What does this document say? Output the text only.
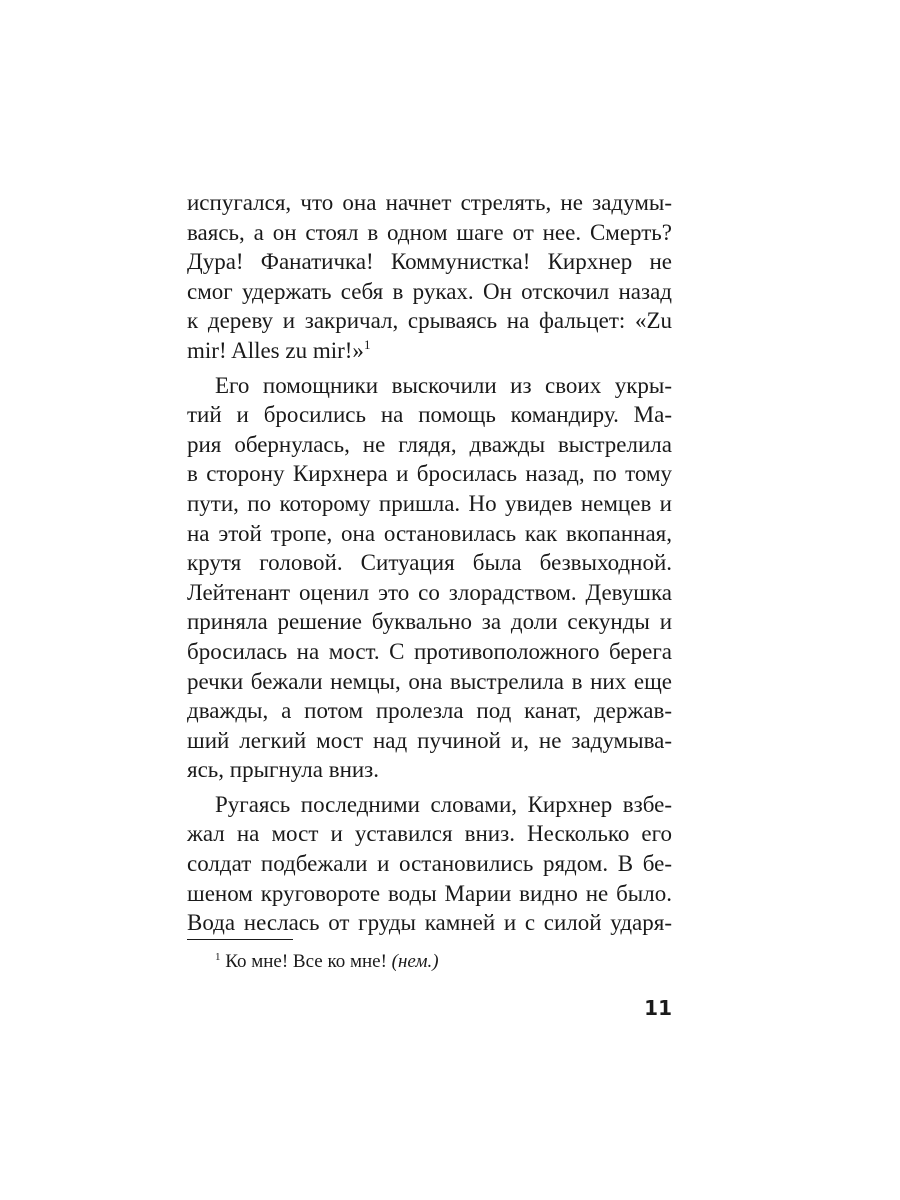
испугался, что она начнет стрелять, не задумы-
ваясь, а он стоял в одном шаге от нее. Смерть?
Дура! Фанатичка! Коммунистка! Кирхнер не
смог удержать себя в руках. Он отскочил назад
к дереву и закричал, срываясь на фальцет: «Zu
mir! Alles zu mir!»$^1$
Его помощники выскочили из своих укры-
тий и бросились на помощь командиру. Ма-
рия обернулась, не глядя, дважды выстрелила
в сторону Кирхнера и бросилась назад, по тому
пути, по которому пришла. Но увидев немцев и
на этой тропе, она остановилась как вкопанная,
крутя головой. Ситуация была безвыходной.
Лейтенант оценил это со злорадством. Девушка
приняла решение буквально за доли секунды и
бросилась на мост. С противоположного берега
речки бежали немцы, она выстрелила в них еще
дважды, а потом пролезла под канат, держав-
ший легкий мост над пучиной и, не задумыва-
ясь, прыгнула вниз.
Ругаясь последними словами, Кирхнер взбе-
жал на мост и уставился вниз. Несколько его
солдат подбежали и остановились рядом. В бе-
шеном круговороте воды Марии видно не было.
Вода неслась от груды камней и с силой ударя-
$^1$ Ко мне! Все ко мне! (нем.)
11
